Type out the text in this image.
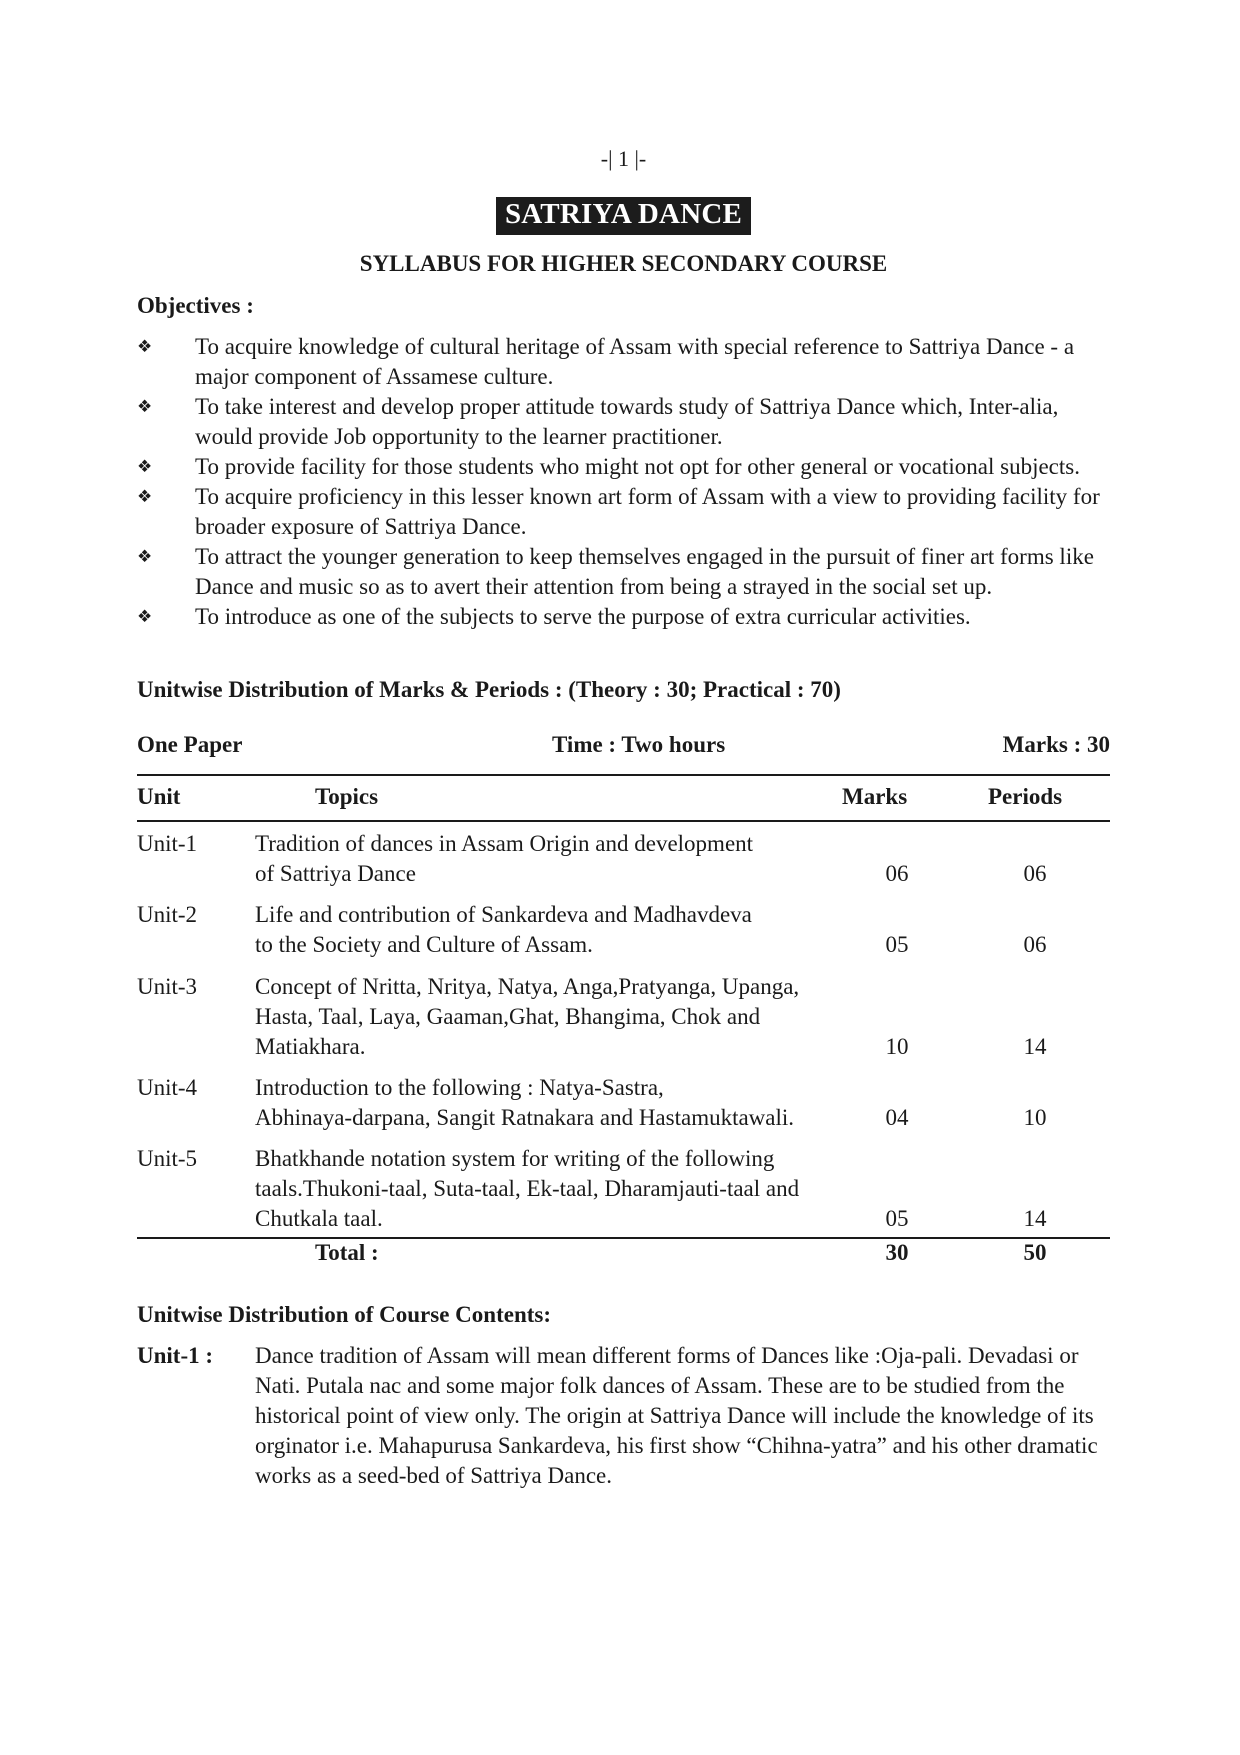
-| 1 |-
SATRIYA DANCE
SYLLABUS FOR HIGHER SECONDARY COURSE
Objectives :
❖ To acquire knowledge of cultural heritage of Assam with special reference to Sattriya Dance - a
major component of Assamese culture.
❖ To take interest and develop proper attitude towards study of Sattriya Dance which, Inter-alia,
would provide Job opportunity to the learner practitioner.
❖ To provide facility for those students who might not opt for other general or vocational subjects.
❖ To acquire proficiency in this lesser known art form of Assam with a view to providing facility for
broader exposure of Sattriya Dance.
❖ To attract the younger generation to keep themselves engaged in the pursuit of finer art forms like
Dance and music so as to avert their attention from being a strayed in the social set up.
❖ To introduce as one of the subjects to serve the purpose of extra curricular activities.
Unitwise Distribution of Marks & Periods : (Theory : 30; Practical : 70)
One Paper	Time : Two hours	Marks : 30
Unit	Topics	Marks	Periods
Unit-1	Tradition of dances in Assam Origin and development
of Sattriya Dance	06	06
Unit-2	Life and contribution of Sankardeva and Madhavdeva
to the Society and Culture of Assam.	05	06
Unit-3	Concept of Nritta, Nritya, Natya, Anga,Pratyanga, Upanga,
Hasta, Taal, Laya, Gaaman,Ghat, Bhangima, Chok and
Matiakhara.	10	14
Unit-4	Introduction to the following : Natya-Sastra,
Abhinaya-darpana, Sangit Ratnakara and Hastamuktawali.	04	10
Unit-5	Bhatkhande notation system for writing of the following
taals.Thukoni-taal, Suta-taal, Ek-taal, Dharamjauti-taal and
Chutkala taal.	05	14
Total :	30	50
Unitwise Distribution of Course Contents:
Unit-1 : Dance tradition of Assam will mean different forms of Dances like :Oja-pali. Devadasi or
Nati. Putala nac and some major folk dances of Assam. These are to be studied from the
historical point of view only. The origin at Sattriya Dance will include the knowledge of its
orginator i.e. Mahapurusa Sankardeva, his first show “Chihna-yatra” and his other dramatic
works as a seed-bed of Sattriya Dance.
